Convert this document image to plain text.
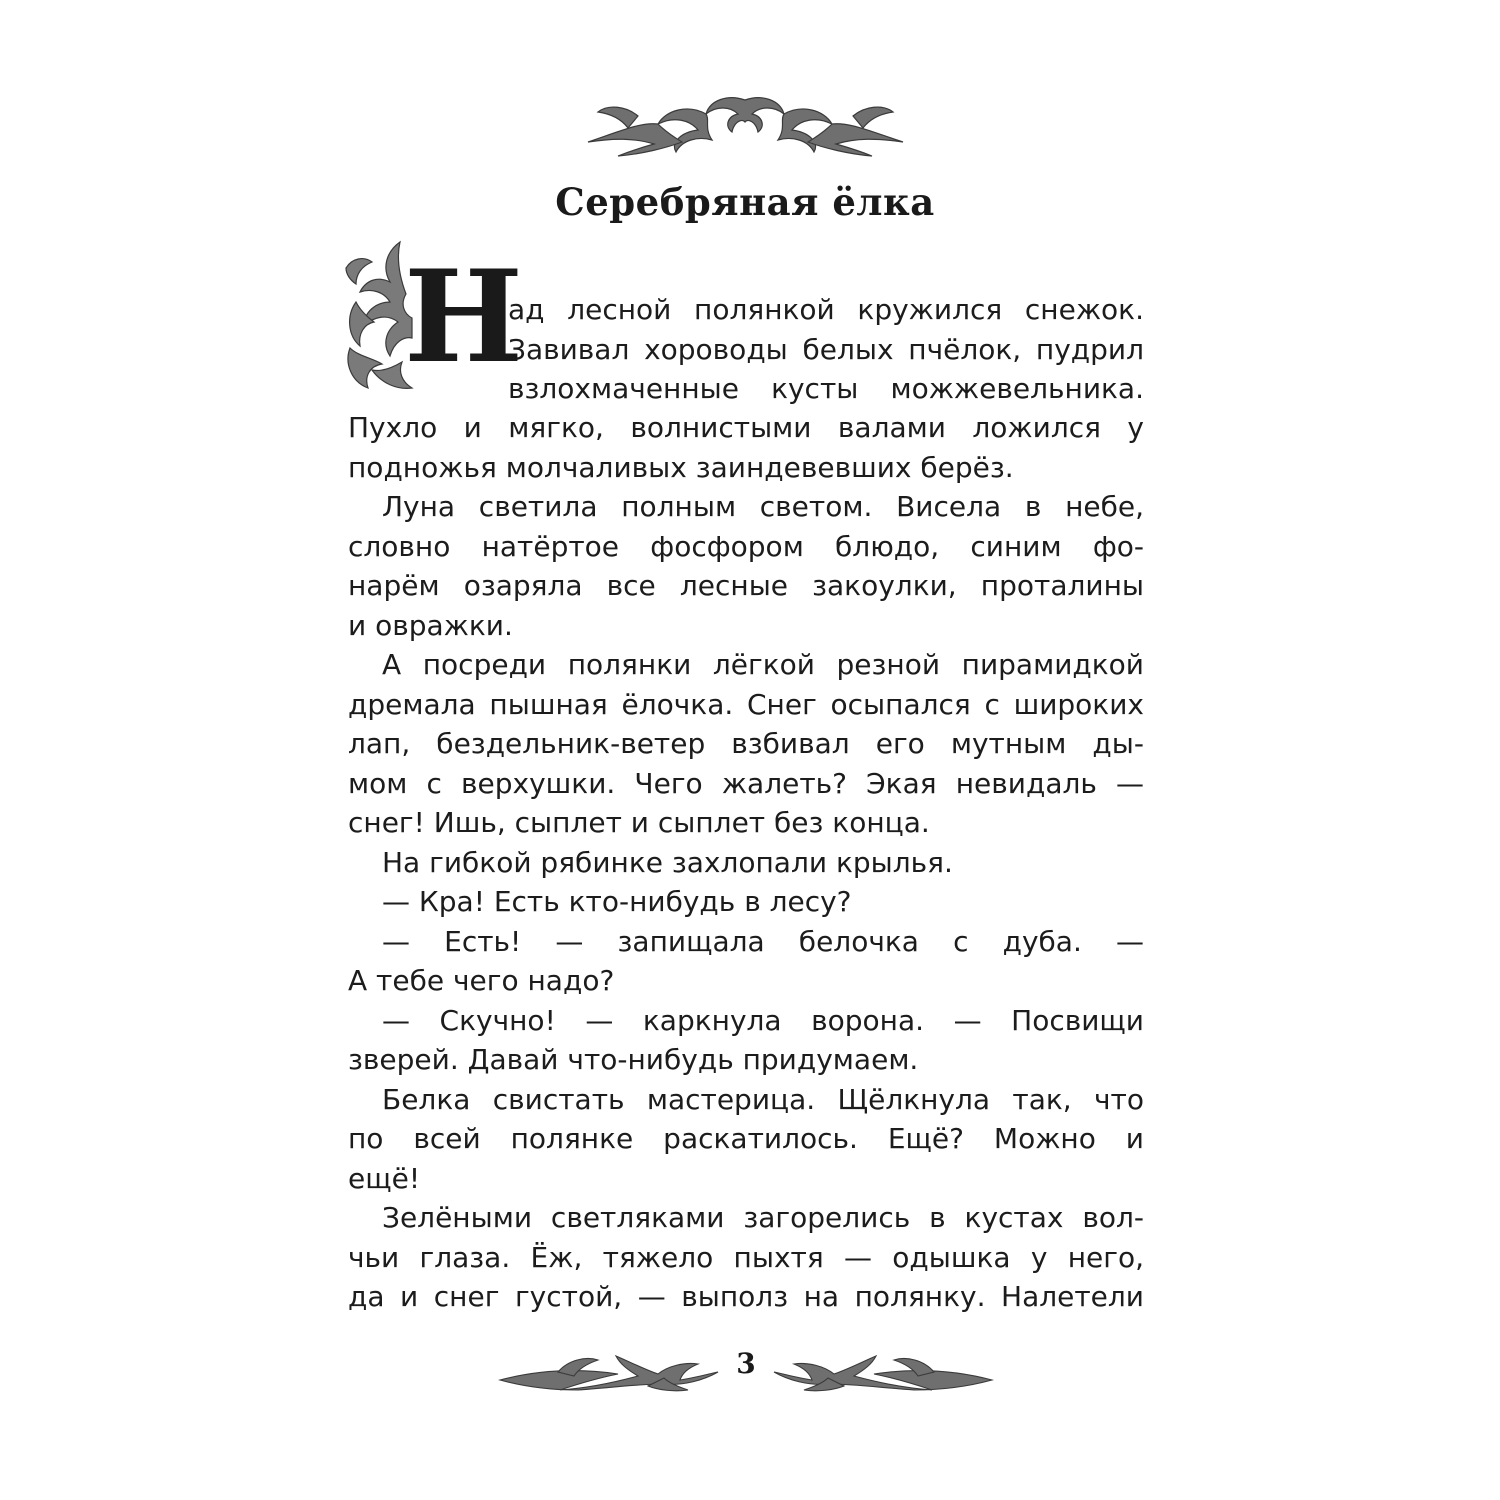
Серебряная ёлка

Н

ад лесной полянкой кружился снежок.
Завивал хороводы белых пчёлок, пудрил
взлохмаченные кусты можжевельника.
Пухло и мягко, волнистыми валами ложился у
подножья молчаливых заиндевевших берёз.
Луна светила полным светом. Висела в небе,
словно натёртое фосфором блюдо, синим фо-
нарём озаряла все лесные закоулки, проталины
и овражки.
А посреди полянки лёгкой резной пирамидкой
дремала пышная ёлочка. Снег осыпался с широких
лап, бездельник-ветер взбивал его мутным ды-
мом с верхушки. Чего жалеть? Экая невидаль —
снег! Ишь, сыплет и сыплет без конца.
На гибкой рябинке захлопали крылья.
— Кра! Есть кто-нибудь в лесу?
— Есть! — запищала белочка с дуба. —
А тебе чего надо?
— Скучно! — каркнула ворона. — Посвищи
зверей. Давай что-нибудь придумаем.
Белка свистать мастерица. Щёлкнула так, что
по всей полянке раскатилось. Ещё? Можно и
ещё!
Зелёными светляками загорелись в кустах вол-
чьи глаза. Ёж, тяжело пыхтя — одышка у него,
да и снег густой, — выполз на полянку. Налетели

3
